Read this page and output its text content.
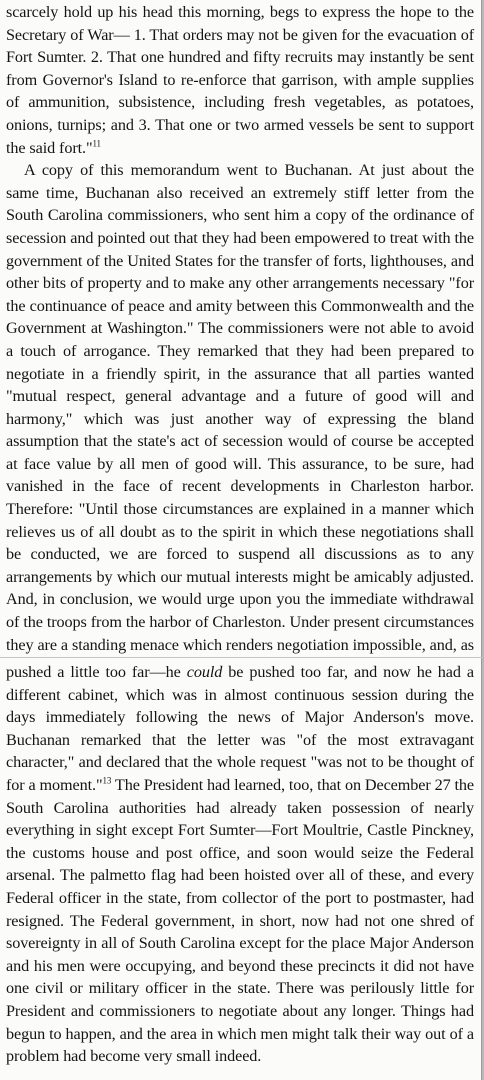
scarcely hold up his head this morning, begs to express the hope to the Secretary of War— 1. That orders may not be given for the evacuation of Fort Sumter. 2. That one hundred and fifty recruits may instantly be sent from Governor's Island to re-enforce that garrison, with ample supplies of ammunition, subsistence, including fresh vegetables, as potatoes, onions, turnips; and 3. That one or two armed vessels be sent to support the said fort."$^{11}$

A copy of this memorandum went to Buchanan. At just about the same time, Buchanan also received an extremely stiff letter from the South Carolina commissioners, who sent him a copy of the ordinance of secession and pointed out that they had been empowered to treat with the government of the United States for the transfer of forts, lighthouses, and other bits of property and to make any other arrangements necessary "for the continuance of peace and amity between this Commonwealth and the Government at Washington." The commissioners were not able to avoid a touch of arrogance. They remarked that they had been prepared to negotiate in a friendly spirit, in the assurance that all parties wanted "mutual respect, general advantage and a future of good will and harmony," which was just another way of expressing the bland assumption that the state's act of secession would of course be accepted at face value by all men of good will. This assurance, to be sure, had vanished in the face of recent developments in Charleston harbor. Therefore: "Until those circumstances are explained in a manner which relieves us of all doubt as to the spirit in which these negotiations shall be conducted, we are forced to suspend all discussions as to any arrangements by which our mutual interests might be amicably adjusted. And, in conclusion, we would urge upon you the immediate withdrawal of the troops from the harbor of Charleston. Under present circumstances they are a standing menace which renders negotiation impossible, and, as

pushed a little too far—he could be pushed too far, and now he had a different cabinet, which was in almost continuous session during the days immediately following the news of Major Anderson's move. Buchanan remarked that the letter was "of the most extravagant character," and declared that the whole request "was not to be thought of for a moment."$^{13}$ The President had learned, too, that on December 27 the South Carolina authorities had already taken possession of nearly everything in sight except Fort Sumter—Fort Moultrie, Castle Pinckney, the customs house and post office, and soon would seize the Federal arsenal. The palmetto flag had been hoisted over all of these, and every Federal officer in the state, from collector of the port to postmaster, had resigned. The Federal government, in short, now had not one shred of sovereignty in all of South Carolina except for the place Major Anderson and his men were occupying, and beyond these precincts it did not have one civil or military officer in the state. There was perilously little for President and commissioners to negotiate about any longer. Things had begun to happen, and the area in which men might talk their way out of a problem had become very small indeed.
